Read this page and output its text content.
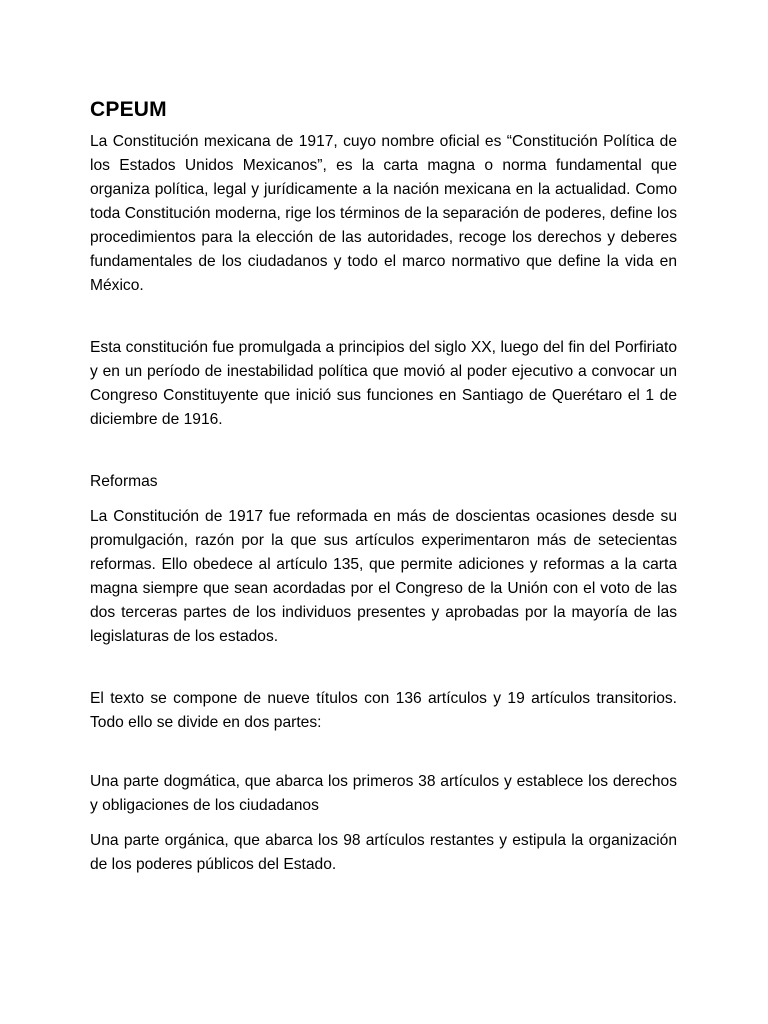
CPEUM

La Constitución mexicana de 1917, cuyo nombre oficial es “Constitución Política de los Estados Unidos Mexicanos”, es la carta magna o norma fundamental que organiza política, legal y jurídicamente a la nación mexicana en la actualidad. Como toda Constitución moderna, rige los términos de la separación de poderes, define los procedimientos para la elección de las autoridades, recoge los derechos y deberes fundamentales de los ciudadanos y todo el marco normativo que define la vida en México.

Esta constitución fue promulgada a principios del siglo XX, luego del fin del Porfiriato y en un período de inestabilidad política que movió al poder ejecutivo a convocar un Congreso Constituyente que inició sus funciones en Santiago de Querétaro el 1 de diciembre de 1916.

Reformas

La Constitución de 1917 fue reformada en más de doscientas ocasiones desde su promulgación, razón por la que sus artículos experimentaron más de setecientas reformas. Ello obedece al artículo 135, que permite adiciones y reformas a la carta magna siempre que sean acordadas por el Congreso de la Unión con el voto de las dos terceras partes de los individuos presentes y aprobadas por la mayoría de las legislaturas de los estados.

El texto se compone de nueve títulos con 136 artículos y 19 artículos transitorios. Todo ello se divide en dos partes:

Una parte dogmática, que abarca los primeros 38 artículos y establece los derechos y obligaciones de los ciudadanos

Una parte orgánica, que abarca los 98 artículos restantes y estipula la organización de los poderes públicos del Estado.
